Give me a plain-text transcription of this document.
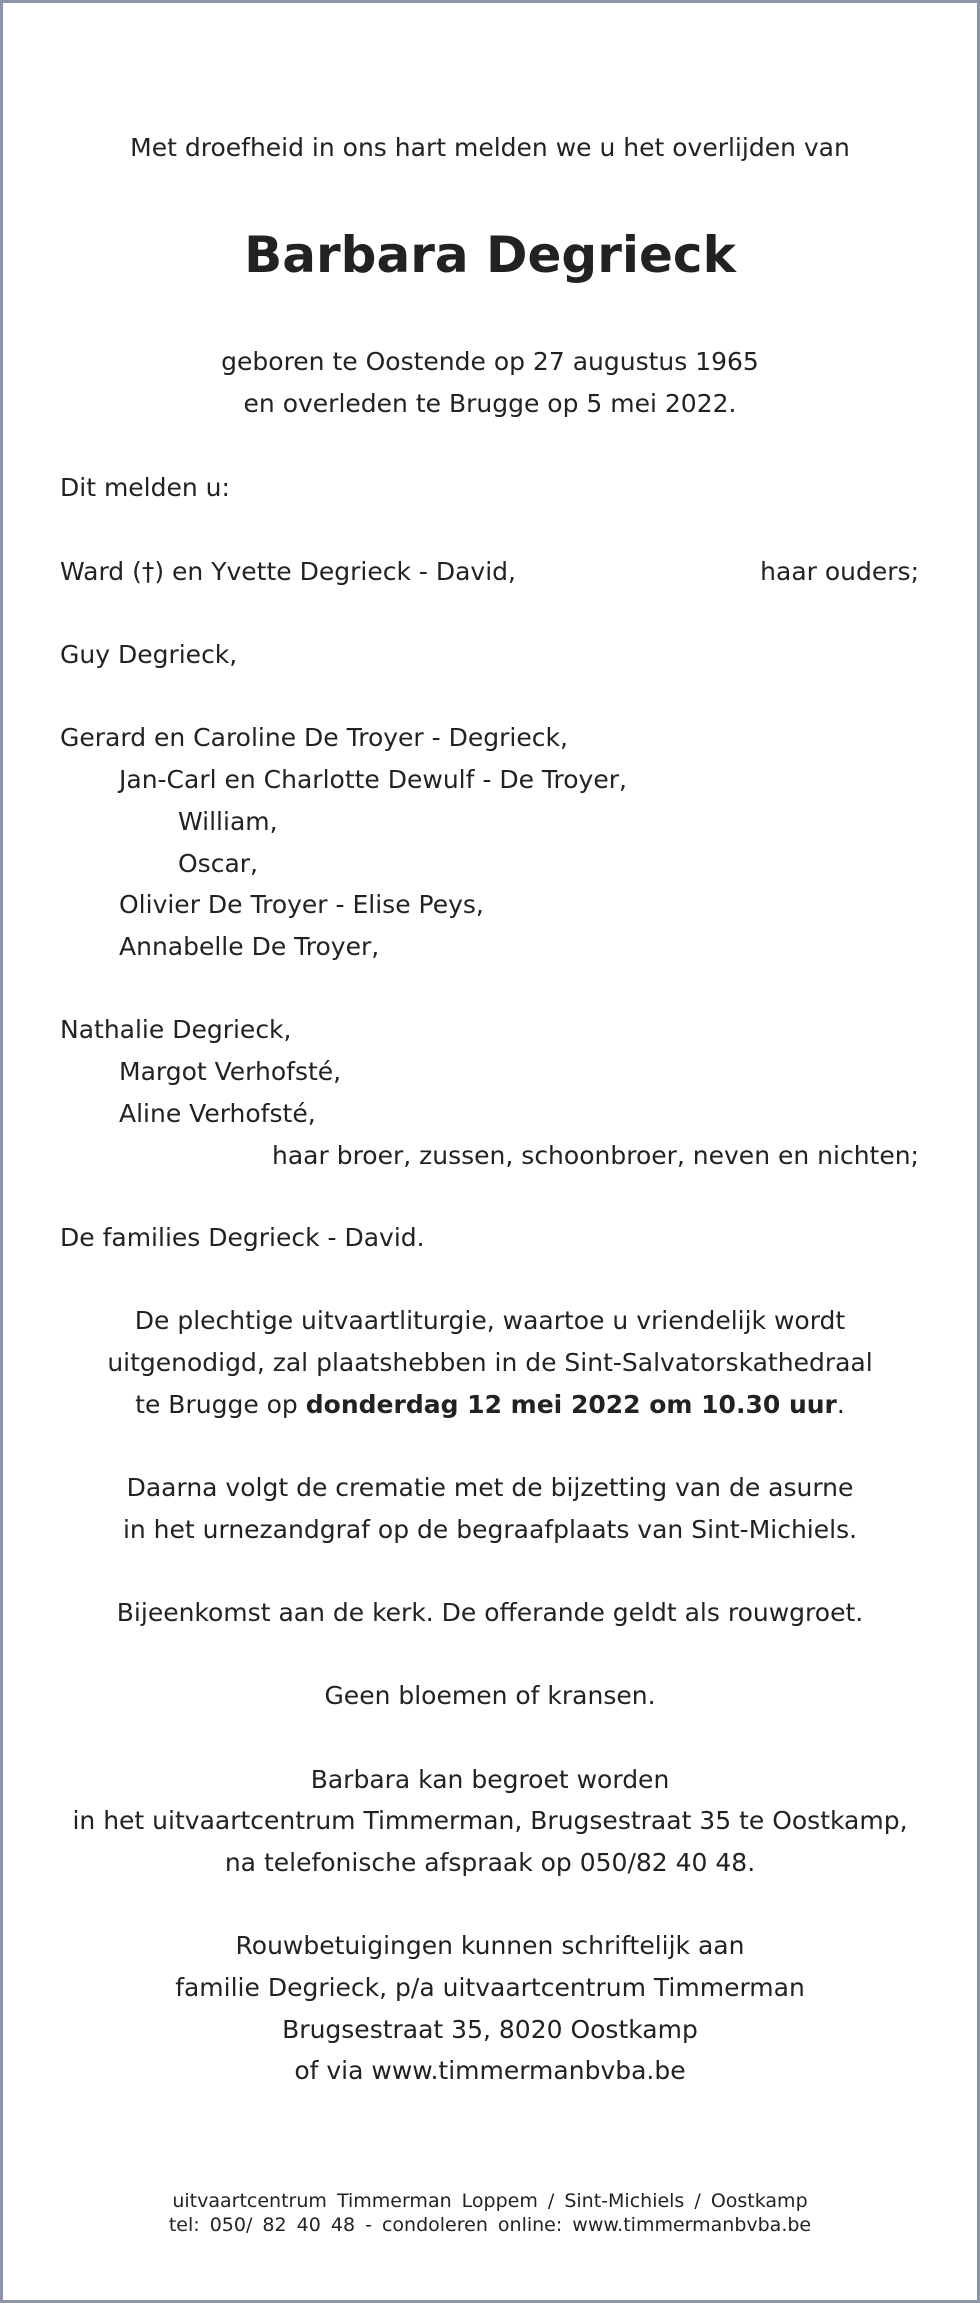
Met droefheid in ons hart melden we u het overlijden van
Barbara Degrieck
geboren te Oostende op 27 augustus 1965
en overleden te Brugge op 5 mei 2022.
Dit melden u:
Ward (†) en Yvette Degrieck - David,	haar ouders;
Guy Degrieck,
Gerard en Caroline De Troyer - Degrieck,
Jan-Carl en Charlotte Dewulf - De Troyer,
William,
Oscar,
Olivier De Troyer - Elise Peys,
Annabelle De Troyer,
Nathalie Degrieck,
Margot Verhofsté,
Aline Verhofsté,
haar broer, zussen, schoonbroer, neven en nichten;
De families Degrieck - David.
De plechtige uitvaartliturgie, waartoe u vriendelijk wordt
uitgenodigd, zal plaatshebben in de Sint-Salvatorskathedraal
te Brugge op donderdag 12 mei 2022 om 10.30 uur.
Daarna volgt de crematie met de bijzetting van de asurne
in het urnezandgraf op de begraafplaats van Sint-Michiels.
Bijeenkomst aan de kerk. De offerande geldt als rouwgroet.
Geen bloemen of kransen.
Barbara kan begroet worden
in het uitvaartcentrum Timmerman, Brugsestraat 35 te Oostkamp,
na telefonische afspraak op 050/82 40 48.
Rouwbetuigingen kunnen schriftelijk aan
familie Degrieck, p/a uitvaartcentrum Timmerman
Brugsestraat 35, 8020 Oostkamp
of via www.timmermanbvba.be
uitvaartcentrum Timmerman Loppem / Sint-Michiels / Oostkamp
tel: 050/ 82 40 48 - condoleren online: www.timmermanbvba.be
